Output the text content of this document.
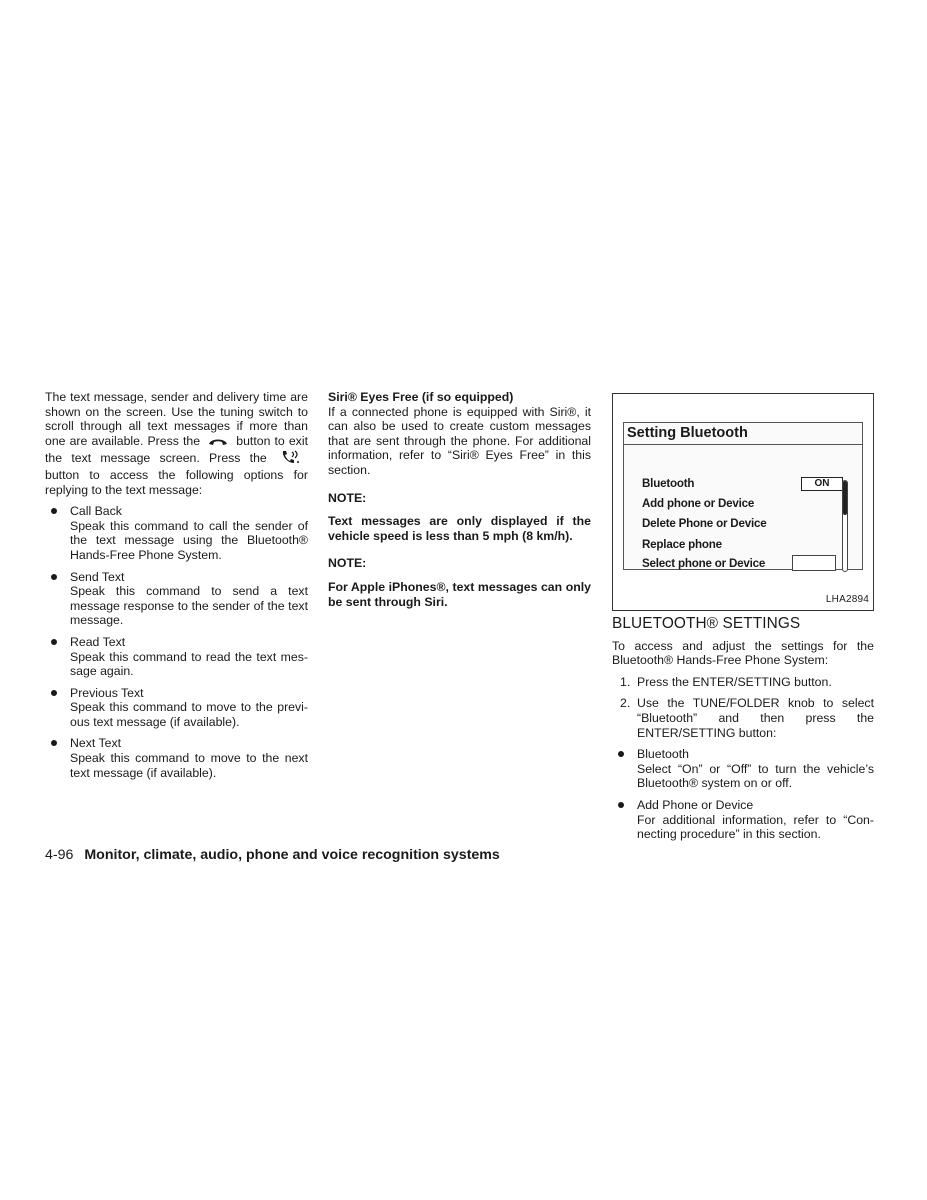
The text message, sender and delivery time are shown on the screen. Use the tuning switch to scroll through all text messages if more than one are available. Press the	button to exit the text message screen. Press the  button to access the following options for replying to the text message:

Call Back
Speak this command to call the sender of the text message using the Bluetooth® Hands-Free Phone System.
Send Text
Speak this command to send a text message response to the sender of the text message.
Read Text
Speak this command to read the text mes- sage again.
Previous Text
Speak this command to move to the previ- ous text message (if available).
Next Text
Speak this command to move to the next text message (if available).

Siri® Eyes Free (if so equipped)

If a connected phone is equipped with Siri®, it can also be used to create custom messages that are sent through the phone. For additional information, refer to “Siri® Eyes Free” in this section.

NOTE:

Text messages are only displayed if the vehicle speed is less than 5 mph (8 km/h).

NOTE:

For Apple iPhones®, text messages can only be sent through Siri.

Setting Bluetooth
Bluetooth
Add phone or Device
Delete Phone or Device
Replace phone
Select phone or Device
ON
LHA2894

BLUETOOTH® SETTINGS

To access and adjust the settings for the Bluetooth® Hands-Free Phone System:

1. Press the ENTER/SETTING button.
2. Use the TUNE/FOLDER knob to select “Bluetooth” and then press the ENTER/SETTING button:
Bluetooth
Select “On” or “Off” to turn the vehicle’s Bluetooth® system on or off.
Add Phone or Device
For additional information, refer to “Con- necting procedure” in this section.
4-96 Monitor, climate, audio, phone and voice recognition systems
